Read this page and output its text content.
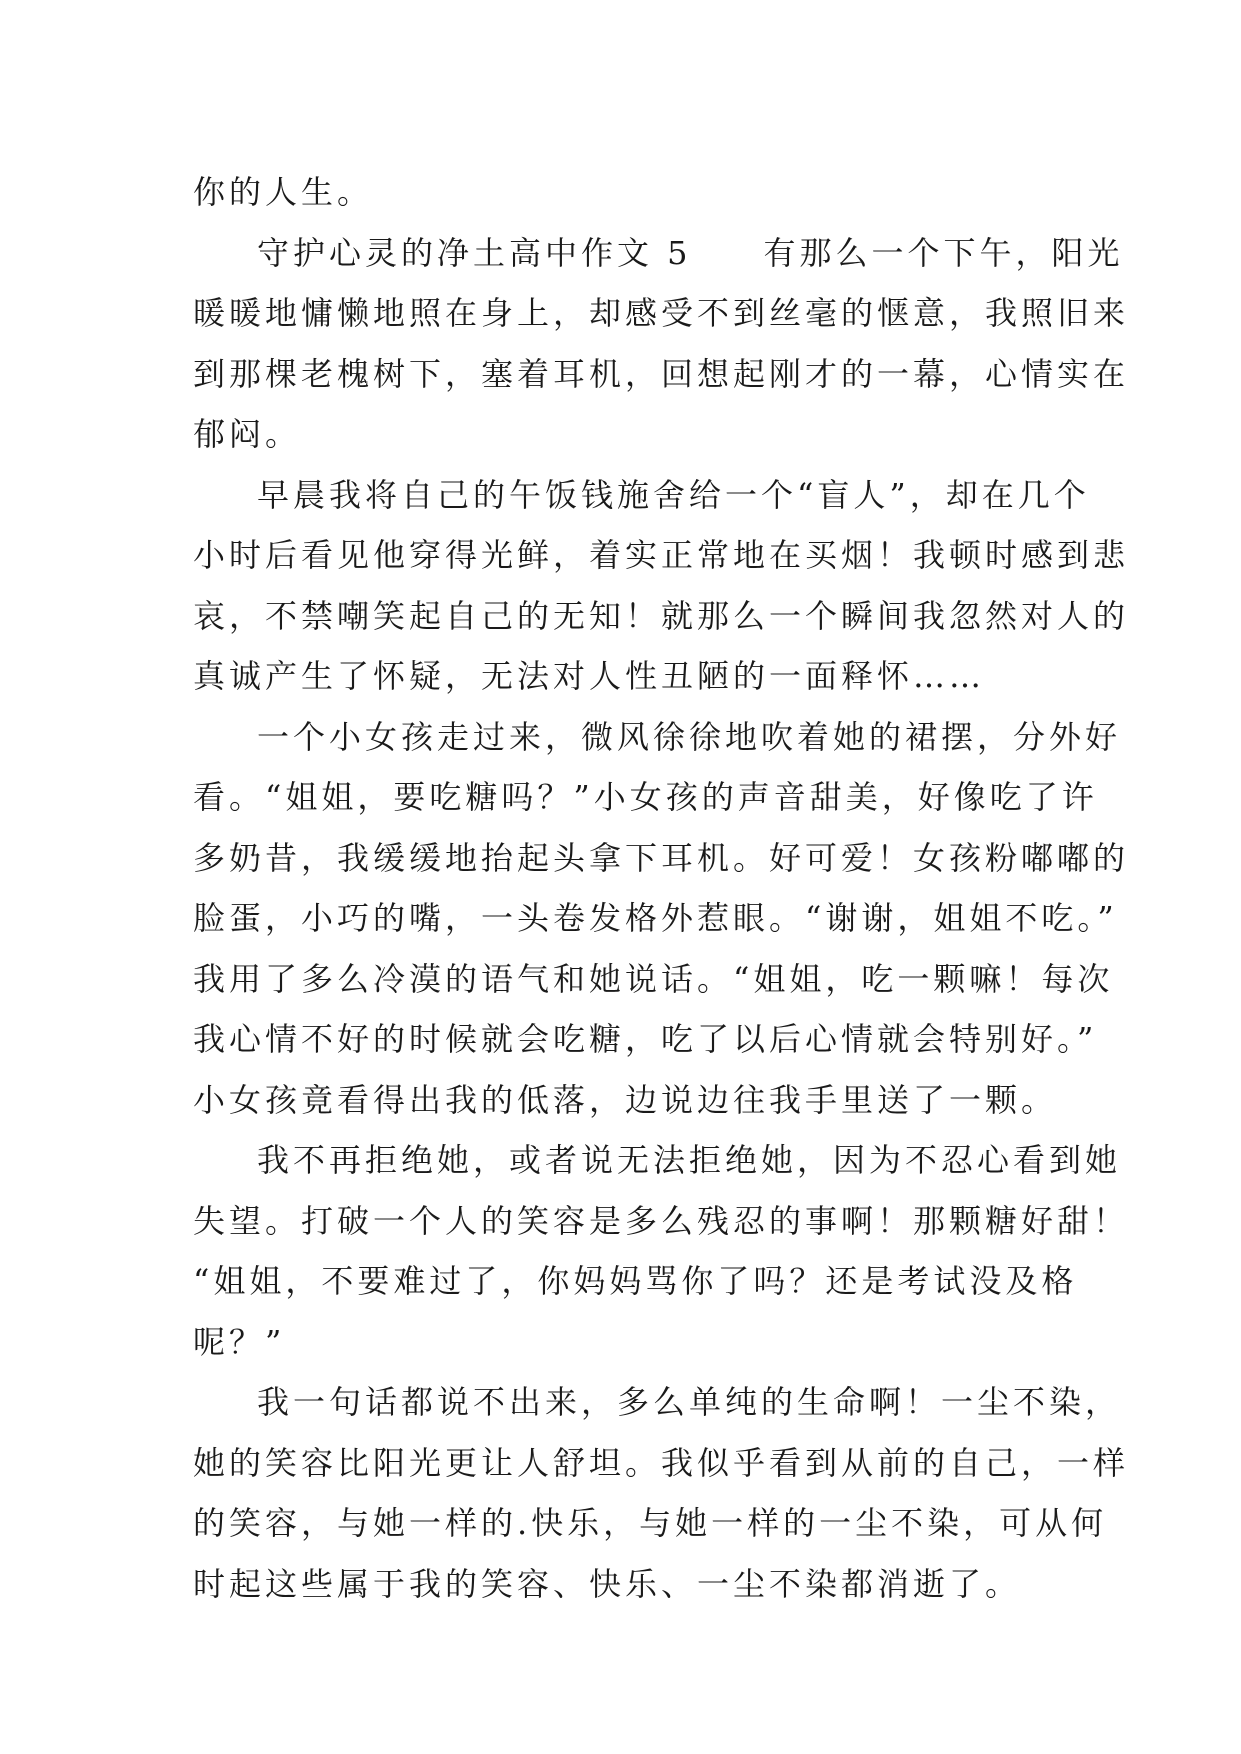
你的人生。
守护心灵的净土高中作文 5　　有那么一个下午，阳光
暖暖地慵懒地照在身上，却感受不到丝毫的惬意，我照旧来
到那棵老槐树下，塞着耳机，回想起刚才的一幕，心情实在
郁闷。
早晨我将自己的午饭钱施舍给一个“盲人”，却在几个
小时后看见他穿得光鲜，着实正常地在买烟！我顿时感到悲
哀，不禁嘲笑起自己的无知！就那么一个瞬间我忽然对人的
真诚产生了怀疑，无法对人性丑陋的一面释怀……
一个小女孩走过来，微风徐徐地吹着她的裙摆，分外好
看。“姐姐，要吃糖吗？”小女孩的声音甜美，好像吃了许
多奶昔，我缓缓地抬起头拿下耳机。好可爱！女孩粉嘟嘟的
脸蛋，小巧的嘴，一头卷发格外惹眼。“谢谢，姐姐不吃。”
我用了多么冷漠的语气和她说话。“姐姐，吃一颗嘛！每次
我心情不好的时候就会吃糖，吃了以后心情就会特别好。”
小女孩竟看得出我的低落，边说边往我手里送了一颗。
我不再拒绝她，或者说无法拒绝她，因为不忍心看到她
失望。打破一个人的笑容是多么残忍的事啊！那颗糖好甜！
“姐姐，不要难过了，你妈妈骂你了吗？还是考试没及格
呢？”
我一句话都说不出来，多么单纯的生命啊！一尘不染，
她的笑容比阳光更让人舒坦。我似乎看到从前的自己，一样
的笑容，与她一样的.快乐，与她一样的一尘不染，可从何
时起这些属于我的笑容、快乐、一尘不染都消逝了。
